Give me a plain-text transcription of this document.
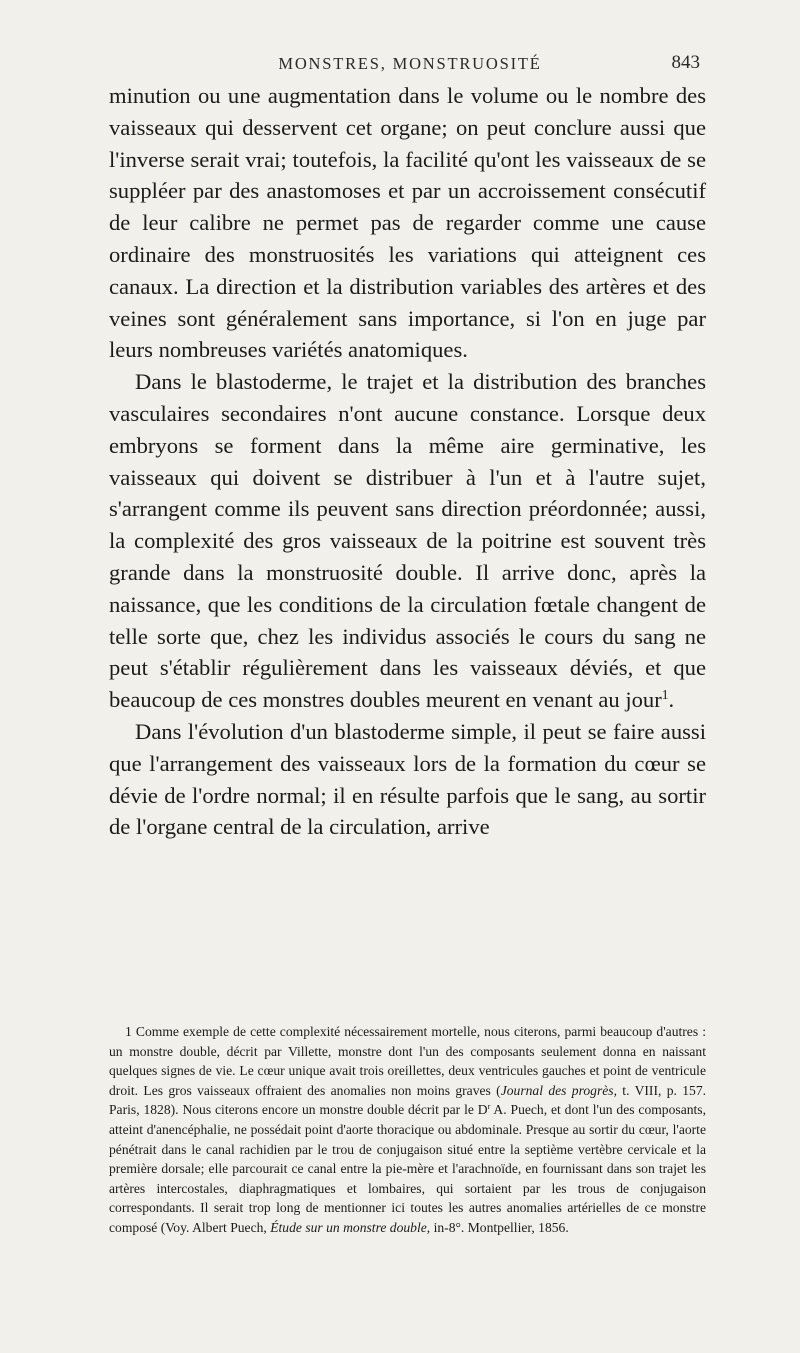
MONSTRES, MONSTRUOSITÉ	843

minution ou une augmentation dans le volume ou le nombre des vaisseaux qui desservent cet organe; on peut conclure aussi que l'inverse serait vrai; toutefois, la facilité qu'ont les vaisseaux de se suppléer par des anastomoses et par un accroissement consécutif de leur calibre ne permet pas de regarder comme une cause ordinaire des monstruosités les variations qui atteignent ces canaux. La direction et la distribution variables des artères et des veines sont généralement sans importance, si l'on en juge par leurs nombreuses variétés anatomiques.

Dans le blastoderme, le trajet et la distribution des branches vasculaires secondaires n'ont aucune constance. Lorsque deux embryons se forment dans la même aire germinative, les vaisseaux qui doivent se distribuer à l'un et à l'autre sujet, s'arrangent comme ils peuvent sans direction préordonnée; aussi, la complexité des gros vaisseaux de la poitrine est souvent très grande dans la monstruosité double. Il arrive donc, après la naissance, que les conditions de la circulation fœtale changent de telle sorte que, chez les individus associés le cours du sang ne peut s'établir régulièrement dans les vaisseaux déviés, et que beaucoup de ces monstres doubles meurent en venant au jour$^1$.

Dans l'évolution d'un blastoderme simple, il peut se faire aussi que l'arrangement des vaisseaux lors de la formation du cœur se dévie de l'ordre normal; il en résulte parfois que le sang, au sortir de l'organe central de la circulation, arrive

1 Comme exemple de cette complexité nécessairement mortelle, nous citerons, parmi beaucoup d'autres : un monstre double, décrit par Villette, monstre dont l'un des composants seulement donna en naissant quelques signes de vie. Le cœur unique avait trois oreillettes, deux ventricules gauches et point de ventricule droit. Les gros vaisseaux offraient des anomalies non moins graves (Journal des progrès, t. VIII, p. 157. Paris, 1828). Nous citerons encore un monstre double décrit par le $D^r$ A. Puech, et dont l'un des composants, atteint d'anencéphalie, ne possédait point d'aorte thoracique ou abdominale. Presque au sortir du cœur, l'aorte pénétrait dans le canal rachidien par le trou de conjugaison situé entre la septième vertèbre cervicale et la première dorsale; elle parcourait ce canal entre la pie-mère et l'arachnoïde, en fournissant dans son trajet les artères intercostales, diaphragmatiques et lombaires, qui sortaient par les trous de conjugaison correspondants. Il serait trop long de mentionner ici toutes les autres anomalies artérielles de ce monstre composé (Voy. Albert Puech, Étude sur un monstre double, in-8°. Montpellier, 1856.
